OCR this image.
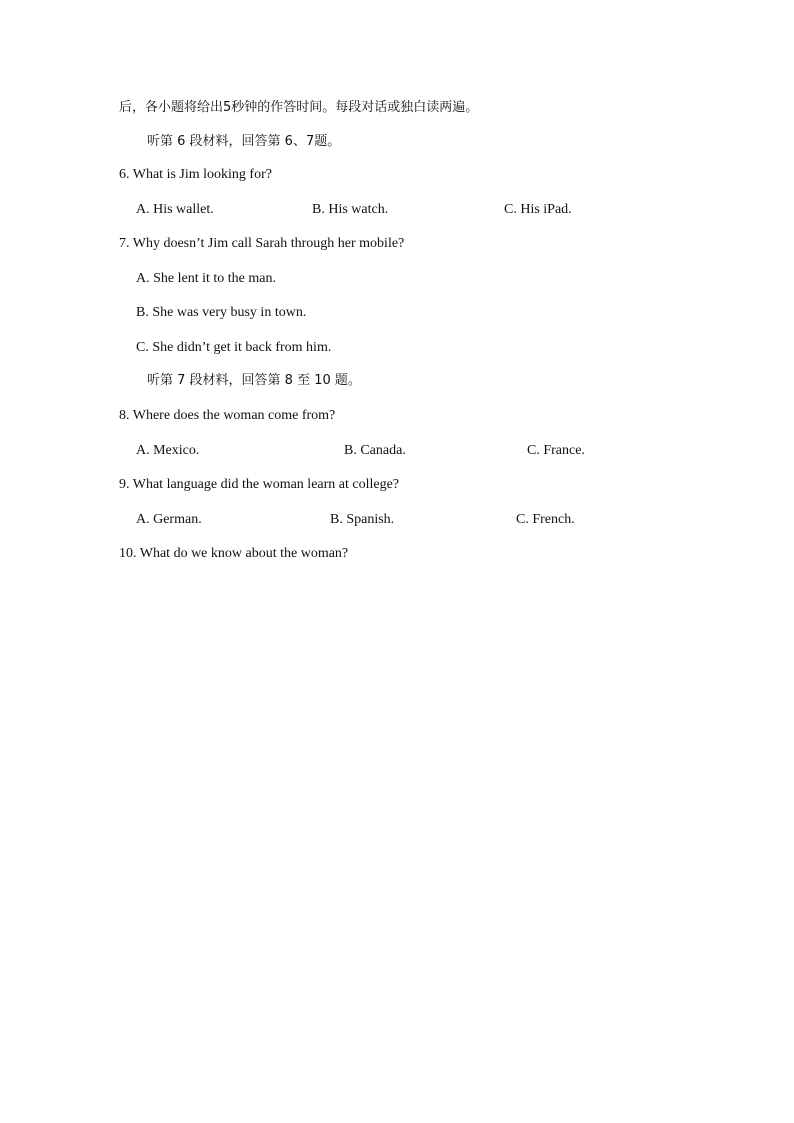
后，各小题将给出5秒钟的作答时间。每段对话或独白读两遍。
听第 6 段材料，回答第 6、7题。
6. What is Jim looking for?
A. His wallet.	B. His watch.	C. His iPad.
7. Why doesn’t Jim call Sarah through her mobile?
A. She lent it to the man.
B. She was very busy in town.
C. She didn’t get it back from him.
听第 7 段材料，回答第 8 至 10 题。
8. Where does the woman come from?
A. Mexico.	B. Canada.	C. France.
9. What language did the woman learn at college?
A. German.	B. Spanish.	C. French.
10. What do we know about the woman?
